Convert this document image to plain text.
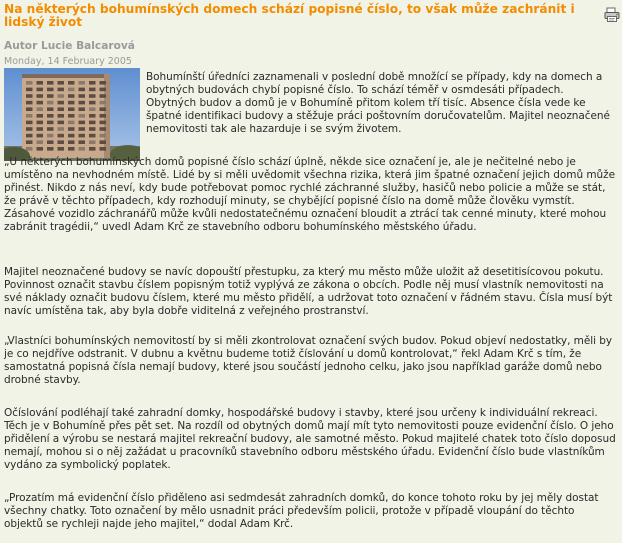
Na některých bohumínských domech schází popisné číslo, to však může zachránit i lidský život
Autor Lucie Balcarová
Monday, 14 February 2005

Bohumínští úředníci zaznamenali v poslední době množící se případy, kdy na domech a obytných budovách chybí popisné číslo. To schází téměř v osmdesáti případech. Obytných budov a domů je v Bohumíně přitom kolem tří tisíc. Absence čísla vede ke špatné identifikaci budovy a stěžuje práci poštovním doručovatelům. Majitel neoznačené nemovitosti tak ale hazarduje i se svým životem.

„U některých bohumínských domů popisné číslo schází úplně, někde sice označení je, ale je nečitelné nebo je umístěno na nevhodném místě. Lidé by si měli uvědomit všechna rizika, která jim špatné označení jejich domů může přinést. Nikdo z nás neví, kdy bude potřebovat pomoc rychlé záchranné služby, hasičů nebo policie a může se stát, že právě v těchto případech, kdy rozhodují minuty, se chybějící popisné číslo na domě může člověku vymstít. Zásahové vozidlo záchranářů může kvůli nedostatečnému označení bloudit a ztrácí tak cenné minuty, které mohou zabránit tragédii,“ uvedl Adam Krč ze stavebního odboru bohumínského městského úřadu.

Majitel neoznačené budovy se navíc dopouští přestupku, za který mu město může uložit až desetitisícovou pokutu. Povinnost označit stavbu číslem popisným totiž vyplývá ze zákona o obcích. Podle něj musí vlastník nemovitosti na své náklady označit budovu číslem, které mu město přidělí, a udržovat toto označení v řádném stavu. Čísla musí být navíc umístěna tak, aby byla dobře viditelná z veřejného prostranství.

„Vlastníci bohumínských nemovitostí by si měli zkontrolovat označení svých budov. Pokud objeví nedostatky, měli by je co nejdříve odstranit. V dubnu a květnu budeme totiž číslování u domů kontrolovat,“ řekl Adam Krč s tím, že samostatná popisná čísla nemají budovy, které jsou součástí jednoho celku, jako jsou například garáže domů nebo drobné stavby.

Očíslování podléhají také zahradní domky, hospodářské budovy i stavby, které jsou určeny k individuální rekreaci. Těch je v Bohumíně přes pět set. Na rozdíl od obytných domů mají mít tyto nemovitosti pouze evidenční číslo. O jeho přidělení a výrobu se nestará majitel rekreační budovy, ale samotné město. Pokud majitelé chatek toto číslo doposud nemají, mohou si o něj zažádat u pracovníků stavebního odboru městského úřadu. Evidenční číslo bude vlastníkům vydáno za symbolický poplatek.

„Prozatím má evidenční číslo přiděleno asi sedmdesát zahradních domků, do konce tohoto roku by jej měly dostat všechny chatky. Toto označení by mělo usnadnit práci především policii, protože v případě vloupání do těchto objektů se rychleji najde jeho majitel,“ dodal Adam Krč.
